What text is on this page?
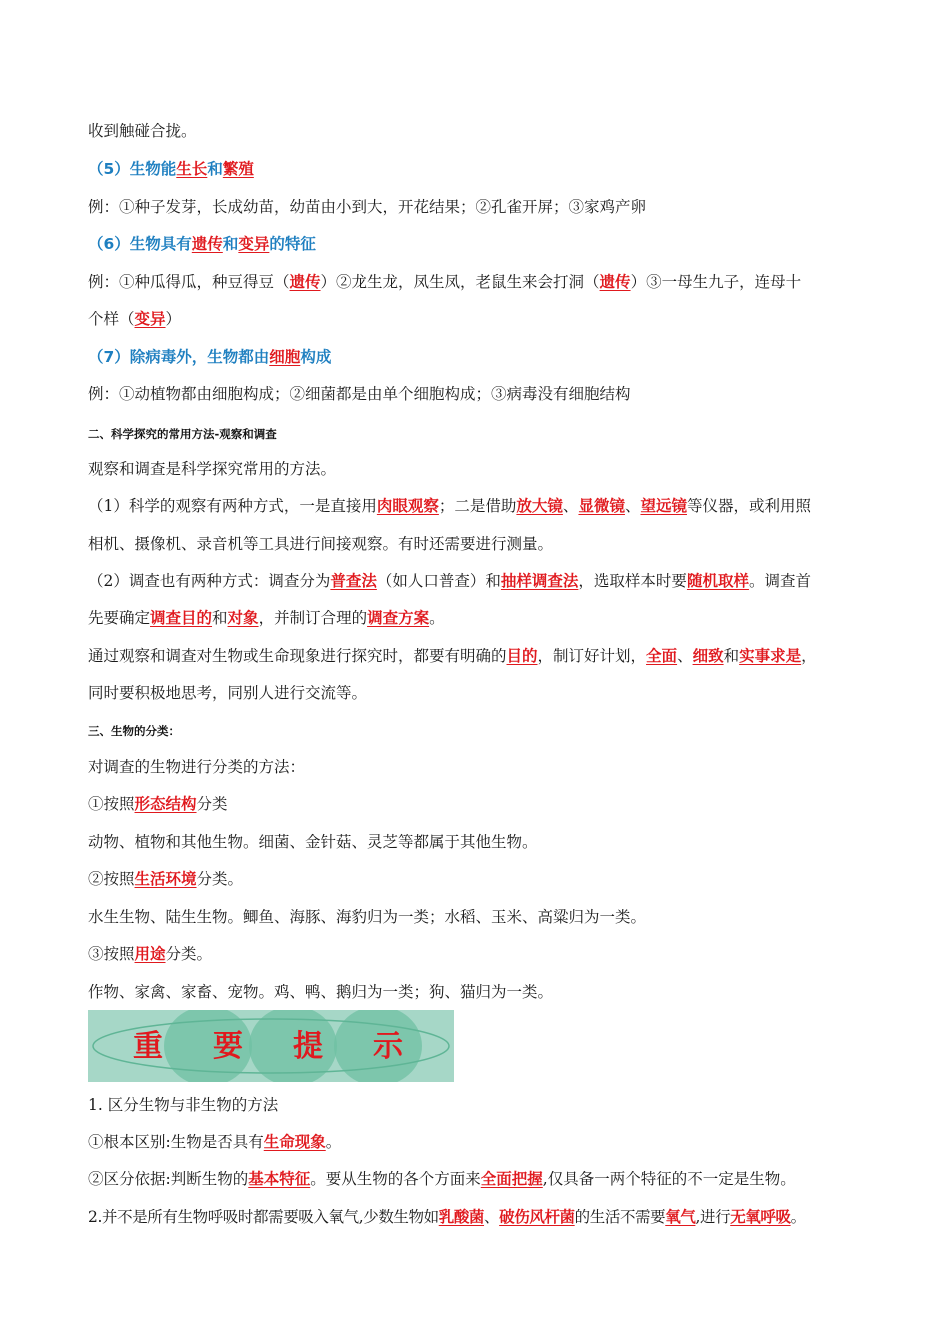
收到触碰合拢。
（5）生物能生长和繁殖
例：①种子发芽，长成幼苗，幼苗由小到大，开花结果；②孔雀开屏；③家鸡产卵
（6）生物具有遗传和变异的特征
例：①种瓜得瓜，种豆得豆（遗传）②龙生龙，凤生凤，老鼠生来会打洞（遗传）③一母生九子，连母十
个样（变异）
（7）除病毒外，生物都由细胞构成
例：①动植物都由细胞构成；②细菌都是由单个细胞构成；③病毒没有细胞结构
二、科学探究的常用方法-观察和调查
观察和调查是科学探究常用的方法。
（1）科学的观察有两种方式，一是直接用肉眼观察；二是借助放大镜、显微镜、望远镜等仪器，或利用照
相机、摄像机、录音机等工具进行间接观察。有时还需要进行测量。
（2）调查也有两种方式：调查分为普查法（如人口普查）和抽样调查法，选取样本时要随机取样。调查首
先要确定调查目的和对象，并制订合理的调查方案。
通过观察和调查对生物或生命现象进行探究时，都要有明确的目的，制订好计划，全面、细致和实事求是，
同时要积极地思考，同别人进行交流等。
三、生物的分类：
对调查的生物进行分类的方法：
①按照形态结构分类
动物、植物和其他生物。细菌、金针菇、灵芝等都属于其他生物。
②按照生活环境分类。
水生生物、陆生生物。鲫鱼、海豚、海豹归为一类；水稻、玉米、高粱归为一类。
③按照用途分类。
作物、家禽、家畜、宠物。鸡、鸭、鹅归为一类；狗、猫归为一类。
重 要 提 示
1. 区分生物与非生物的方法
①根本区别:生物是否具有生命现象。
②区分依据:判断生物的基本特征。要从生物的各个方面来全面把握,仅具备一两个特征的不一定是生物。
2.并不是所有生物呼吸时都需要吸入氧气,少数生物如乳酸菌、破伤风杆菌的生活不需要氧气,进行无氧呼吸。
